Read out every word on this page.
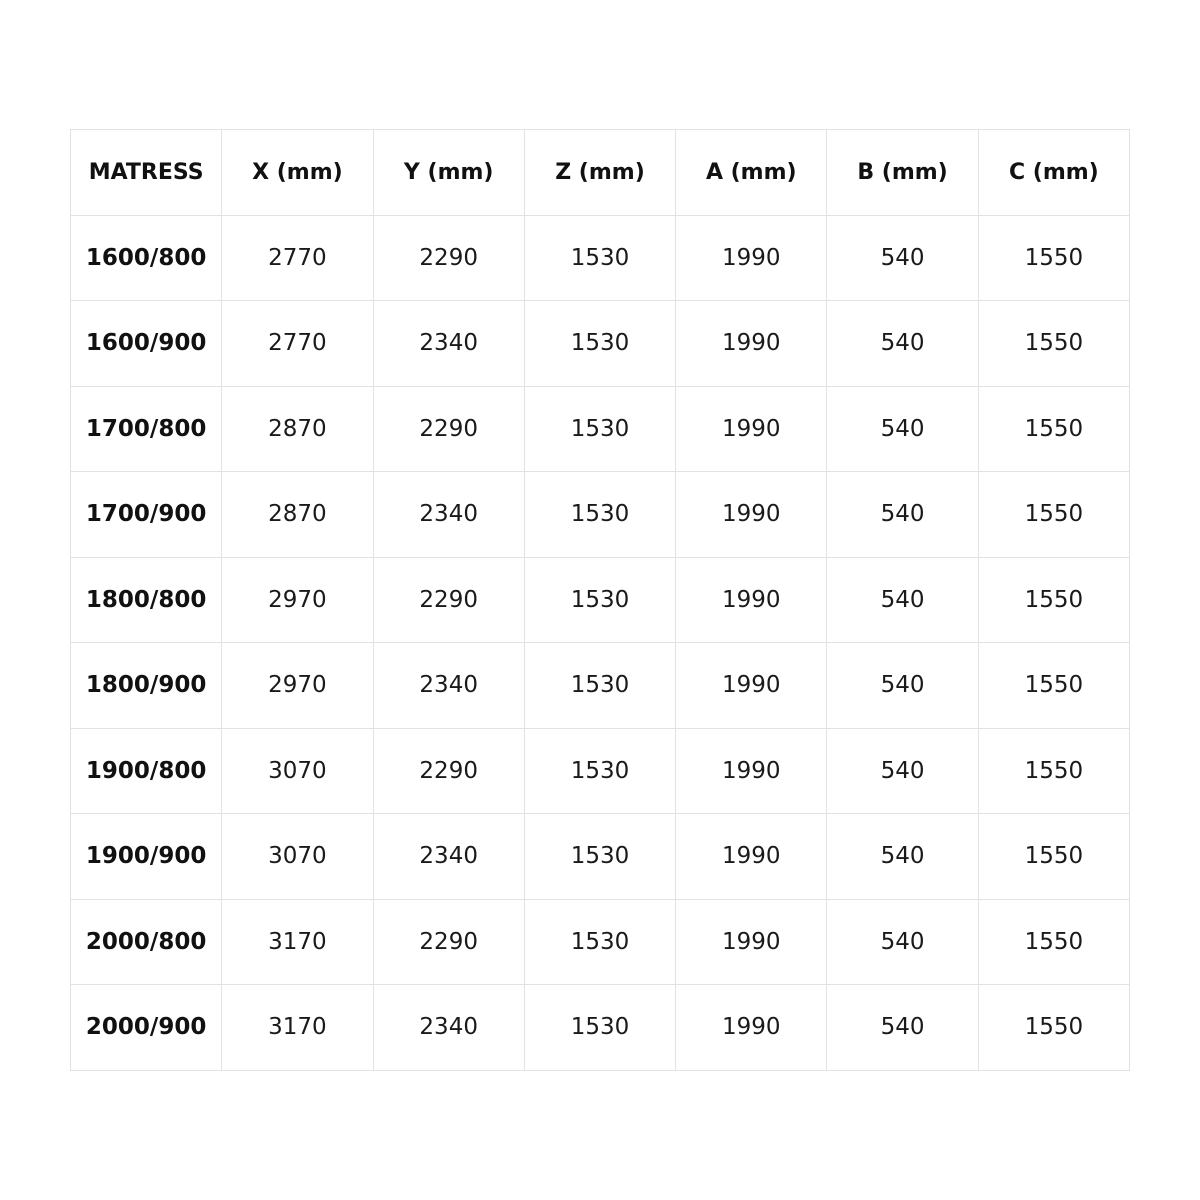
MATRESS	X (mm)	Y (mm)	Z (mm)	A (mm)	B (mm)	C (mm)
1600/800	2770	2290	1530	1990	540	1550
1600/900	2770	2340	1530	1990	540	1550
1700/800	2870	2290	1530	1990	540	1550
1700/900	2870	2340	1530	1990	540	1550
1800/800	2970	2290	1530	1990	540	1550
1800/900	2970	2340	1530	1990	540	1550
1900/800	3070	2290	1530	1990	540	1550
1900/900	3070	2340	1530	1990	540	1550
2000/800	3170	2290	1530	1990	540	1550
2000/900	3170	2340	1530	1990	540	1550
